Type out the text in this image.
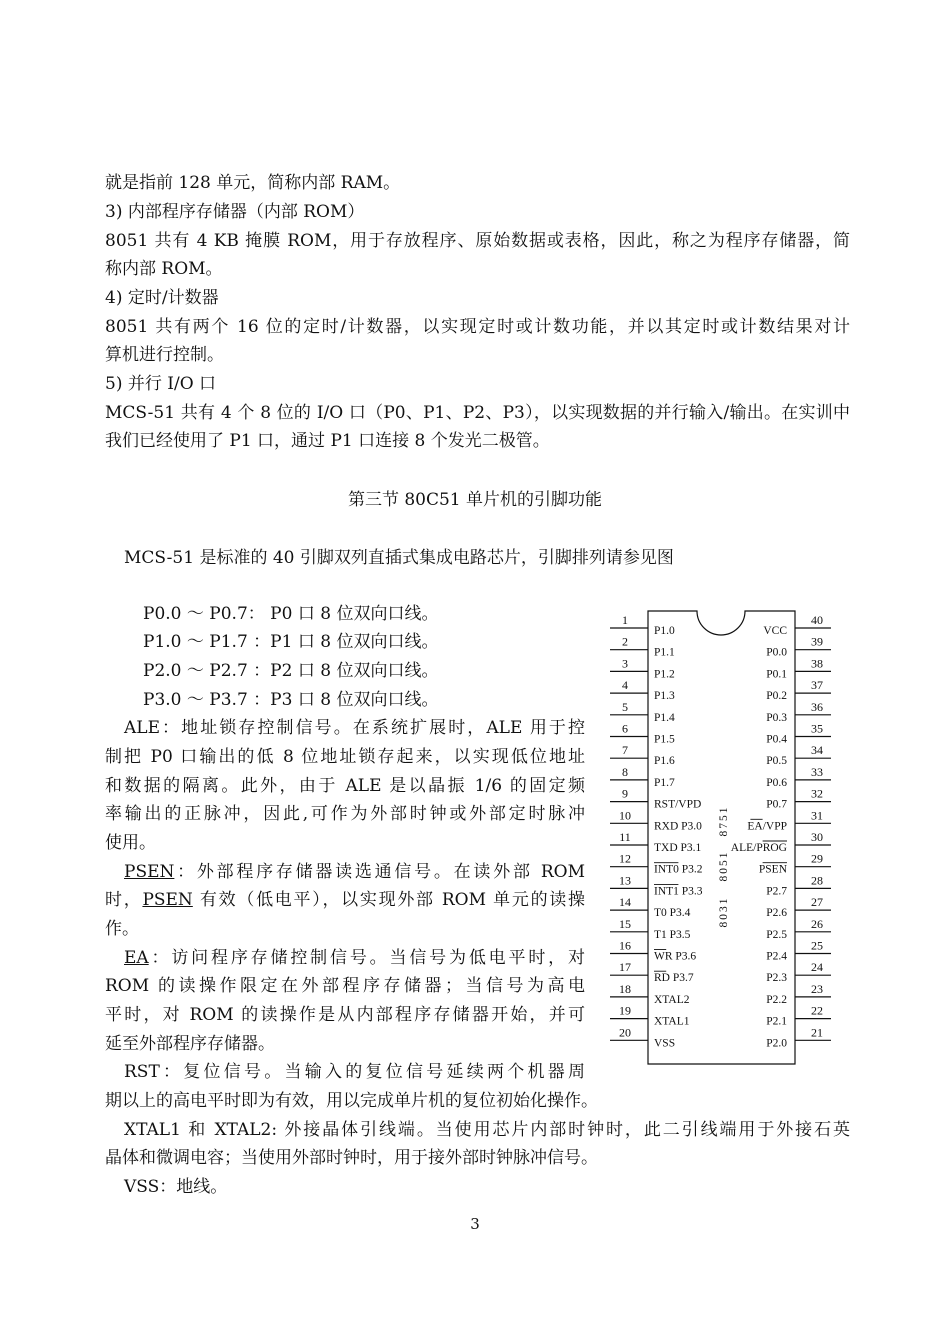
就是指前 128 单元，简称内部 RAM。
3) 内部程序存储器（内部 ROM）
8051 共有 4 KB 掩膜 ROM，用于存放程序、原始数据或表格，因此，称之为程序存储器，简
称内部 ROM。
4) 定时/计数器
8051 共有两个 16 位的定时/计数器，以实现定时或计数功能，并以其定时或计数结果对计
算机进行控制。
5) 并行 I/O 口
MCS-51 共有 4 个 8 位的 I/O 口（P0、P1、P2、P3），以实现数据的并行输入/输出。在实训中
我们已经使用了 P1 口，通过 P1 口连接 8 个发光二极管。
第三节 80C51 单片机的引脚功能
MCS-51 是标准的 40 引脚双列直插式集成电路芯片，引脚排列请参见图
P0.0 ～ P0.7： P0 口 8 位双向口线。
P1.0 ～ P1.7 ：P1 口 8 位双向口线。
P2.0 ～ P2.7 ：P2 口 8 位双向口线。
P3.0 ～ P3.7 ：P3 口 8 位双向口线。
ALE：地址锁存控制信号。在系统扩展时，ALE 用于控
制把 P0 口输出的低 8 位地址锁存起来，以实现低位地址
和数据的隔离。此外，由于 ALE 是以晶振 1/6 的固定频
率输出的正脉冲，因此,可作为外部时钟或外部定时脉冲
使用。
PSEN：外部程序存储器读选通信号。在读外部 ROM
时，PSEN 有效（低电平），以实现外部 ROM 单元的读操
作。
EA：访问程序存储控制信号。当信号为低电平时，对
ROM 的读操作限定在外部程序存储器；当信号为高电
平时，对 ROM 的读操作是从内部程序存储器开始，并可
延至外部程序存储器。
RST：复位信号。当输入的复位信号延续两个机器周
期以上的高电平时即为有效，用以完成单片机的复位初始化操作。
XTAL1 和 XTAL2: 外接晶体引线端。当使用芯片内部时钟时，此二引线端用于外接石英
晶体和微调电容；当使用外部时钟时，用于接外部时钟脉冲信号。
VSS：地线。
3
1
P1.0
2
P1.1
3
P1.2
4
P1.3
5
P1.4
6
P1.5
7
P1.6
8
P1.7
9
RST/VPD
10
RXD P3.0
11
TXD P3.1
12
INT0 P3.2
13
INT1 P3.3
14
T0 P3.4
15
T1 P3.5
16
WR P3.6
17
RD P3.7
18
XTAL2
19
XTAL1
20
VSS
40
VCC
39
P0.0
38
P0.1
37
P0.2
36
P0.3
35
P0.4
34
P0.5
33
P0.6
32
P0.7
31
EA/VPP
30
ALE/PROG
29
PSEN
28
P2.7
27
P2.6
26
P2.5
25
P2.4
24
P2.3
23
P2.2
22
P2.1
21
P2.0
8751
8051
8031
